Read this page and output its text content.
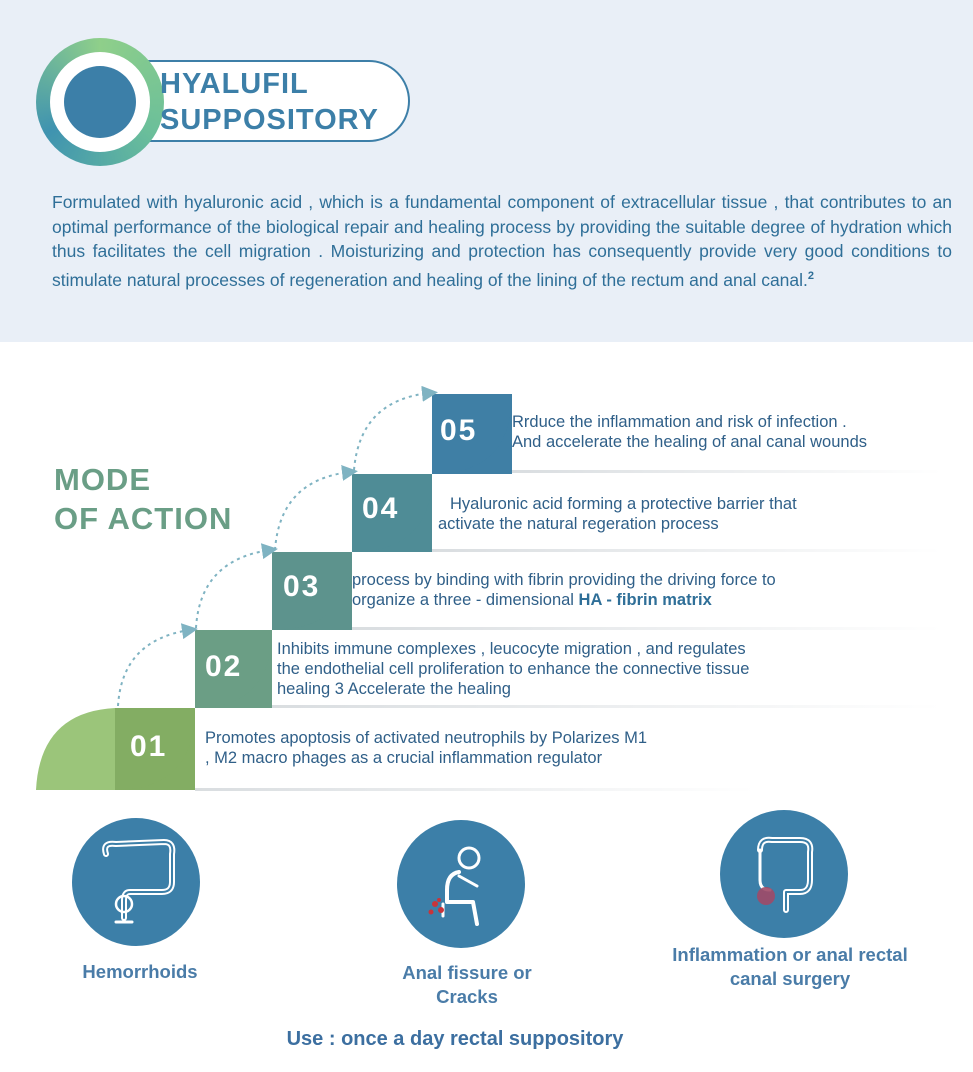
HYALUFIL
SUPPOSITORY
Formulated with hyaluronic acid , which is a fundamental component of extracellular tissue , that contributes to an optimal performance of the biological repair and healing process by providing the suitable degree of hydration which thus facilitates the cell migration . Moisturizing and protection has consequently provide very good conditions to stimulate natural processes of regeneration and healing of the lining of the rectum and anal canal.$^2$
MODE
OF ACTION
01
02
03
04
05 Rrduce the inflammation and risk of infection .
And accelerate the healing of anal canal wounds
Hyaluronic acid forming a protective barrier that
activate the natural regeration process
process by binding with fibrin providing the driving force to
organize a three - dimensional HA - fibrin matrix
Inhibits immune complexes , leucocyte migration , and regulates
the endothelial cell proliferation to enhance the connective tissue
healing 3 Accelerate the healing
Promotes apoptosis of activated neutrophils by Polarizes M1
, M2 macro phages as a crucial inflammation regulator
Hemorrhoids	Anal fissure or
Cracks
Inflammation or anal rectal
canal surgery
Use : once a day rectal suppository
